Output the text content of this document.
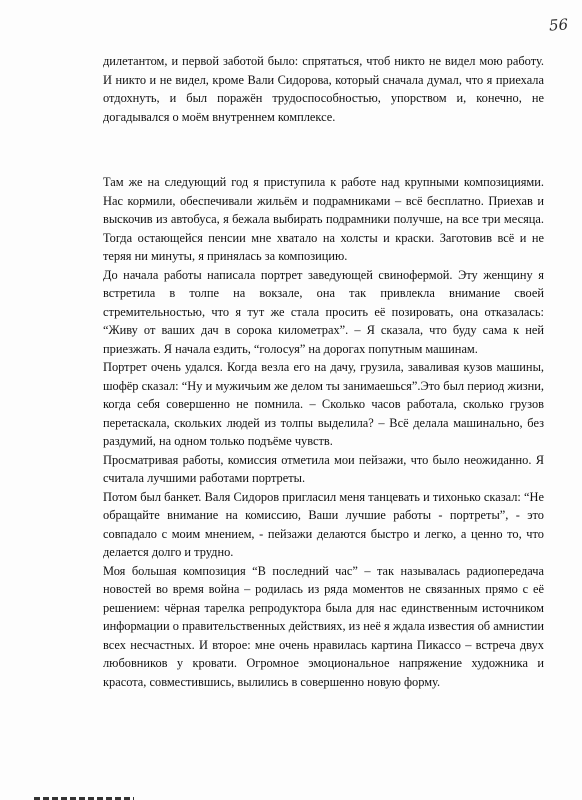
56

дилетантом, и первой заботой было: спрятаться, чтоб никто не видел мою работу. И никто и не видел, кроме Вали Сидорова, который сначала думал, что я приехала отдохнуть, и был поражён трудоспособностью, упорством и, конечно, не догадывался о моём внутреннем комплексе.

Там же на следующий год я приступила к работе над крупными композициями. Нас кормили, обеспечивали жильём и подрамниками – всё бесплатно. Приехав и выскочив из автобуса, я бежала выбирать подрамники получше, на все три месяца. Тогда остающейся пенсии мне хватало на холсты и краски. Заготовив всё и не теряя ни минуты, я принялась за композицию.

До начала работы написала портрет заведующей свинофермой. Эту женщину я встретила в толпе на вокзале, она так привлекла внимание своей стремительностью, что я тут же стала просить её позировать, она отказалась: “Живу от ваших дач в сорока километрах”. – Я сказала, что буду сама к ней приезжать. Я начала ездить, “голосуя” на дорогах попутным машинам.

Портрет очень удался. Когда везла его на дачу, грузила, заваливая кузов машины, шофёр сказал: “Ну и мужичьим же делом ты занимаешься”.Это был период жизни, когда себя совершенно не помнила. – Сколько часов работала, сколько грузов перетаскала, скольких людей из толпы выделила? – Всё делала машинально, без раздумий, на одном только подъёме чувств.

Просматривая работы, комиссия отметила мои пейзажи, что было неожиданно. Я считала лучшими работами портреты.

Потом был банкет. Валя Сидоров пригласил меня танцевать и тихонько сказал: “Не обращайте внимание на комиссию, Ваши лучшие работы - портреты”, - это совпадало с моим мнением, - пейзажи делаются быстро и легко, а ценно то, что делается долго и трудно.

Моя большая композиция “В последний час” – так называлась радиопередача новостей во время война – родилась из ряда моментов не связанных прямо с её решением: чёрная тарелка репродуктора была для нас единственным источником информации о правительственных действиях, из неё я ждала известия об амнистии всех несчастных. И второе: мне очень нравилась картина Пикассо – встреча двух любовников у кровати. Огромное эмоциональное напряжение художника и красота, совместившись, вылились в совершенно новую форму.
